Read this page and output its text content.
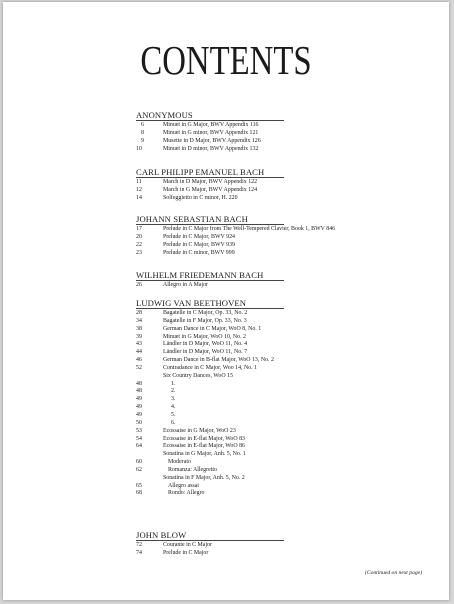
CONTENTS
ANONYMOUS
6	Minuet in G Major, BWV Appendix 116
8	Minuet in G minor, BWV Appendix 121
9	Musette in D Major, BWV Appendix 126
10	Minuet in D minor, BWV Appendix 132
CARL PHILIPP EMANUEL BACH
11	March in D Major, BWV Appendix 122
12	March in G Major, BWV Appendix 124
14	Solfeggietto in C minor, H. 220
JOHANN SEBASTIAN BACH
17	Prelude in C Major from The Well-Tempered Clavier, Book 1, BWV 846
20	Prelude in C Major, BWV 924
22	Prelude in C Major, BWV 939
23	Prelude in C minor, BWV 999
WILHELM FRIEDEMANN BACH
26	Allegro in A Major
LUDWIG VAN BEETHOVEN
28	Bagatelle in C Major, Op. 33, No. 2
34	Bagatelle in F Major, Op. 33, No. 3
38	German Dance in C Major, WoO 8, No. 1
39	Minuet in G Major, WoO 10, No. 2
43	Ländler in D Major, WoO 11, No. 4
44	Ländler in D Major, WoO 11, No. 7
46	German Dance in B-flat Major, WoO 13, No. 2
52	Contradance in C Major, Woo 14, No. 1
Six Country Dances, WoO 15
48	1.
48	2.
49	3.
49	4.
49	5.
50	6.
53	Ecossaise in G Major, WoO 23
54	Ecossaise in E-flat Major, WoO 83
64	Ecossaise in E-flat Major, WoO 86
Sonatina in G Major, Anh. 5, No. 1
60	Moderato
62	Romanza: Allegretto
Sonatina in F Major, Anh. 5, No. 2
65	Allegro assai
68	Rondo: Allegro
JOHN BLOW
72	Courante in C Major
74	Prelude in C Major
(Continued on next page)
